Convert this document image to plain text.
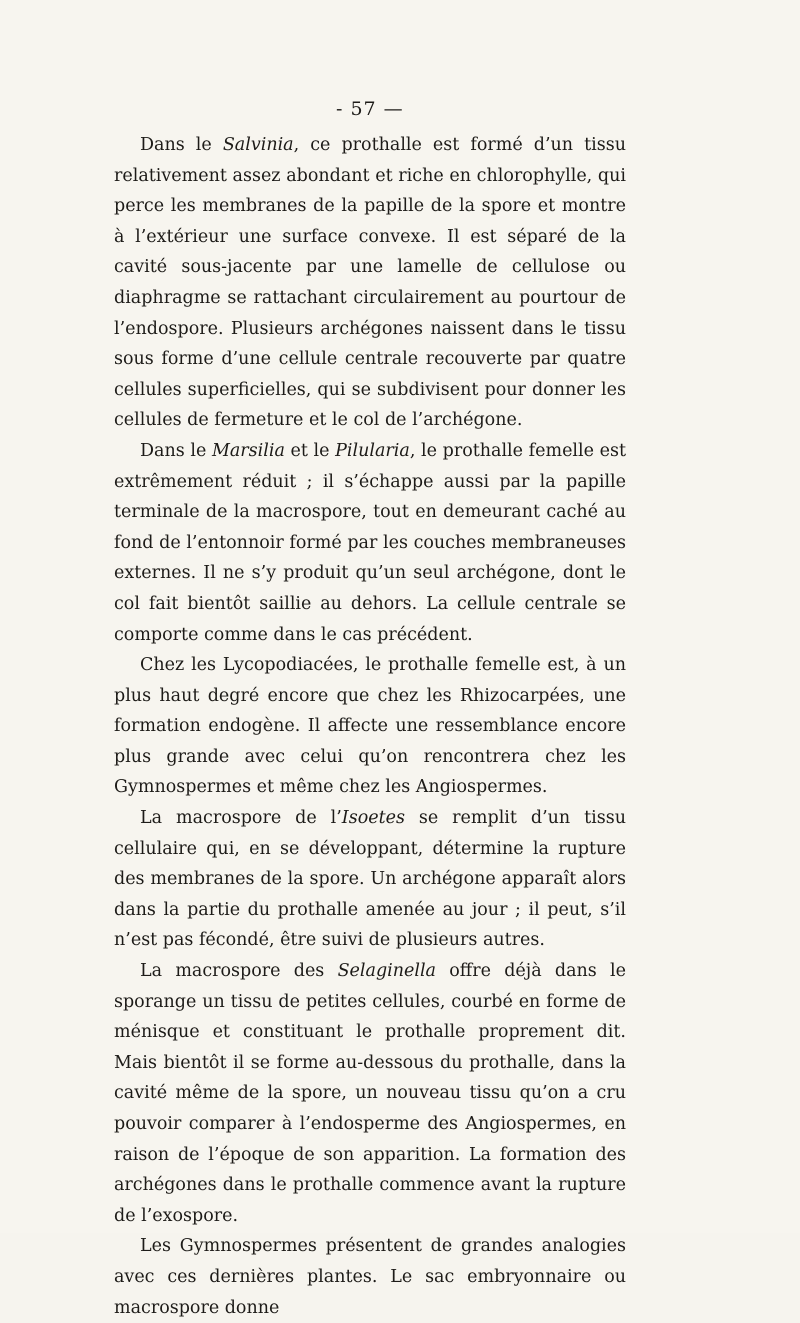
- 57 —

Dans le Salvinia, ce prothalle est formé d’un tissu relativement assez abondant et riche en chlorophylle, qui perce les membranes de la papille de la spore et montre à l’extérieur une surface convexe. Il est séparé de la cavité sous-jacente par une lamelle de cellulose ou diaphragme se rattachant circulairement au pourtour de l’endospore. Plusieurs archégones naissent dans le tissu sous forme d’une cellule centrale recouverte par quatre cellules superficielles, qui se subdivisent pour donner les cellules de fermeture et le col de l’archégone.

Dans le Marsilia et le Pilularia, le prothalle femelle est extrêmement réduit ; il s’échappe aussi par la papille terminale de la macrospore, tout en demeurant caché au fond de l’entonnoir formé par les couches membraneuses externes. Il ne s’y produit qu’un seul archégone, dont le col fait bientôt saillie au dehors. La cellule centrale se comporte comme dans le cas précédent.

Chez les Lycopodiacées, le prothalle femelle est, à un plus haut degré encore que chez les Rhizocarpées, une formation endogène. Il affecte une ressemblance encore plus grande avec celui qu’on rencontrera chez les Gymnospermes et même chez les Angiospermes.

La macrospore de l’Isoetes se remplit d’un tissu cellulaire qui, en se développant, détermine la rupture des membranes de la spore. Un archégone apparaît alors dans la partie du prothalle amenée au jour ; il peut, s’il n’est pas fécondé, être suivi de plusieurs autres.

La macrospore des Selaginella offre déjà dans le sporange un tissu de petites cellules, courbé en forme de ménisque et constituant le prothalle proprement dit. Mais bientôt il se forme au-dessous du prothalle, dans la cavité même de la spore, un nouveau tissu qu’on a cru pouvoir comparer à l’endosperme des Angiospermes, en raison de l’époque de son apparition. La formation des archégones dans le prothalle commence avant la rupture de l’exospore.

Les Gymnospermes présentent de grandes analogies avec ces dernières plantes. Le sac embryonnaire ou macrospore donne
